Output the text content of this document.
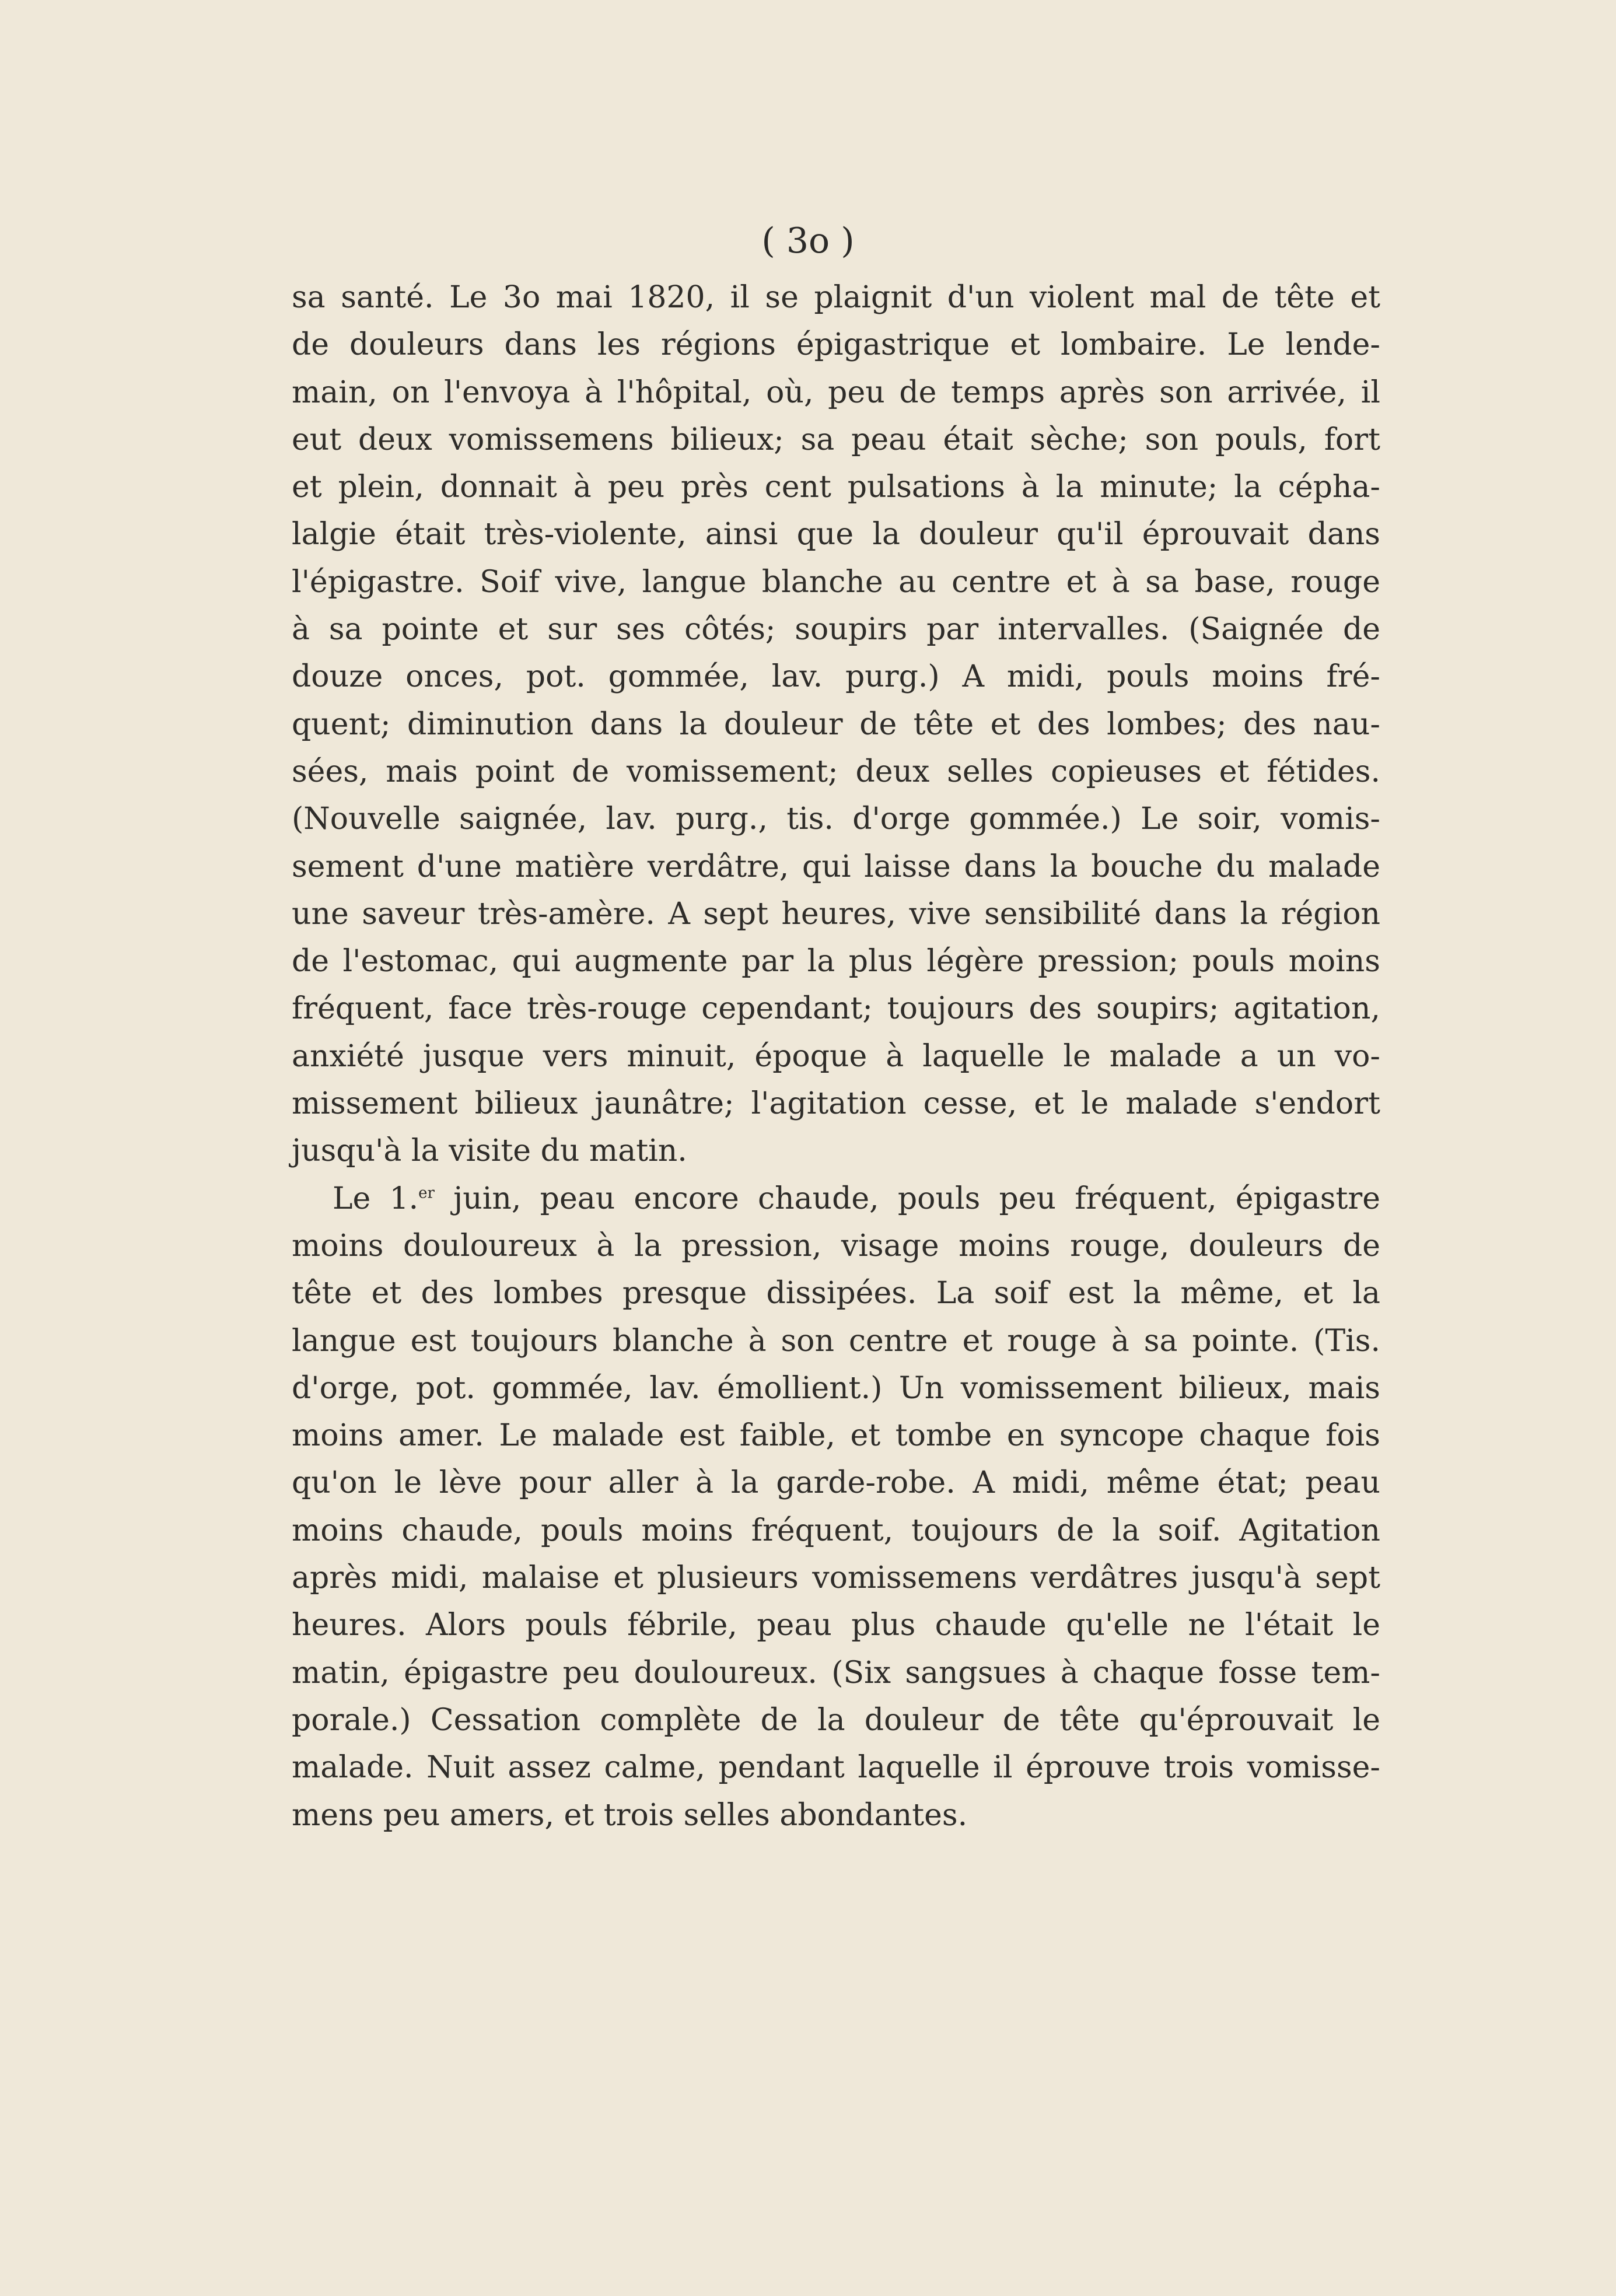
( 3o )
sa santé. Le 3o mai 1820, il se plaignit d'un violent mal de tête et
de douleurs dans les régions épigastrique et lombaire. Le lende-
main, on l'envoya à l'hôpital, où, peu de temps après son arrivée, il
eut deux vomissemens bilieux; sa peau était sèche; son pouls, fort
et plein, donnait à peu près cent pulsations à la minute; la cépha-
lalgie était très-violente, ainsi que la douleur qu'il éprouvait dans
l'épigastre. Soif vive, langue blanche au centre et à sa base, rouge
à sa pointe et sur ses côtés; soupirs par intervalles. (Saignée de
douze onces, pot. gommée, lav. purg.) A midi, pouls moins fré-
quent; diminution dans la douleur de tête et des lombes; des nau-
sées, mais point de vomissement; deux selles copieuses et fétides.
(Nouvelle saignée, lav. purg., tis. d'orge gommée.) Le soir, vomis-
sement d'une matière verdâtre, qui laisse dans la bouche du malade
une saveur très-amère. A sept heures, vive sensibilité dans la région
de l'estomac, qui augmente par la plus légère pression; pouls moins
fréquent, face très-rouge cependant; toujours des soupirs; agitation,
anxiété jusque vers minuit, époque à laquelle le malade a un vo-
missement bilieux jaunâtre; l'agitation cesse, et le malade s'endort
jusqu'à la visite du matin.
Le 1.$^{er}$ juin, peau encore chaude, pouls peu fréquent, épigastre
moins douloureux à la pression, visage moins rouge, douleurs de
tête et des lombes presque dissipées. La soif est la même, et la
langue est toujours blanche à son centre et rouge à sa pointe. (Tis.
d'orge, pot. gommée, lav. émollient.) Un vomissement bilieux, mais
moins amer. Le malade est faible, et tombe en syncope chaque fois
qu'on le lève pour aller à la garde-robe. A midi, même état; peau
moins chaude, pouls moins fréquent, toujours de la soif. Agitation
après midi, malaise et plusieurs vomissemens verdâtres jusqu'à sept
heures. Alors pouls fébrile, peau plus chaude qu'elle ne l'était le
matin, épigastre peu douloureux. (Six sangsues à chaque fosse tem-
porale.) Cessation complète de la douleur de tête qu'éprouvait le
malade. Nuit assez calme, pendant laquelle il éprouve trois vomisse-
mens peu amers, et trois selles abondantes.
